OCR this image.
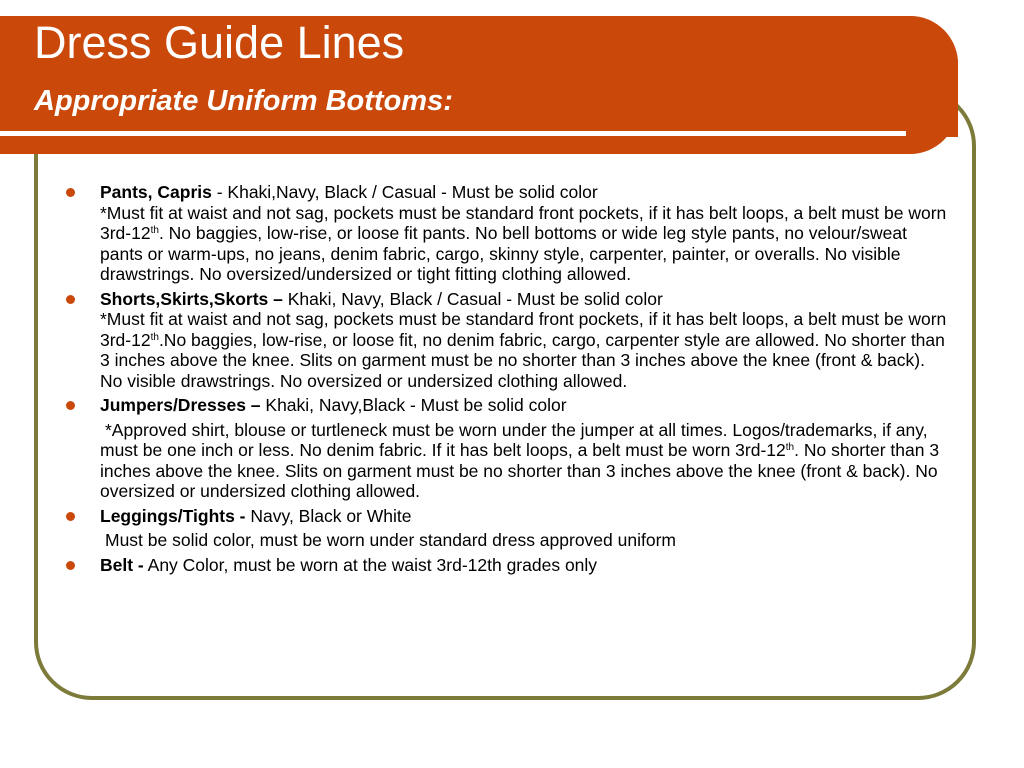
Dress Guide Lines
Appropriate Uniform Bottoms:
Pants, Capris - Khaki,Navy, Black / Casual - Must be solid color
*Must fit at waist and not sag, pockets must be standard front pockets, if it has belt loops, a belt must be worn 3rd-12th. No baggies, low-rise, or loose fit pants. No bell bottoms or wide leg style pants, no velour/sweat pants or warm-ups, no jeans, denim fabric, cargo, skinny style, carpenter, painter, or overalls. No visible drawstrings. No oversized/undersized or tight fitting clothing allowed.
Shorts,Skirts,Skorts – Khaki, Navy, Black / Casual - Must be solid color
*Must fit at waist and not sag, pockets must be standard front pockets, if it has belt loops, a belt must be worn 3rd-12th.No baggies, low-rise, or loose fit, no denim fabric, cargo, carpenter style are allowed. No shorter than 3 inches above the knee. Slits on garment must be no shorter than 3 inches above the knee (front & back). No visible drawstrings. No oversized or undersized clothing allowed.
Jumpers/Dresses – Khaki, Navy,Black - Must be solid color
*Approved shirt, blouse or turtleneck must be worn under the jumper at all times. Logos/trademarks, if any, must be one inch or less. No denim fabric. If it has belt loops, a belt must be worn 3rd-12th. No shorter than 3 inches above the knee. Slits on garment must be no shorter than 3 inches above the knee (front & back). No oversized or undersized clothing allowed.
Leggings/Tights - Navy, Black or White
Must be solid color, must be worn under standard dress approved uniform
Belt - Any Color, must be worn at the waist 3rd-12th grades only
